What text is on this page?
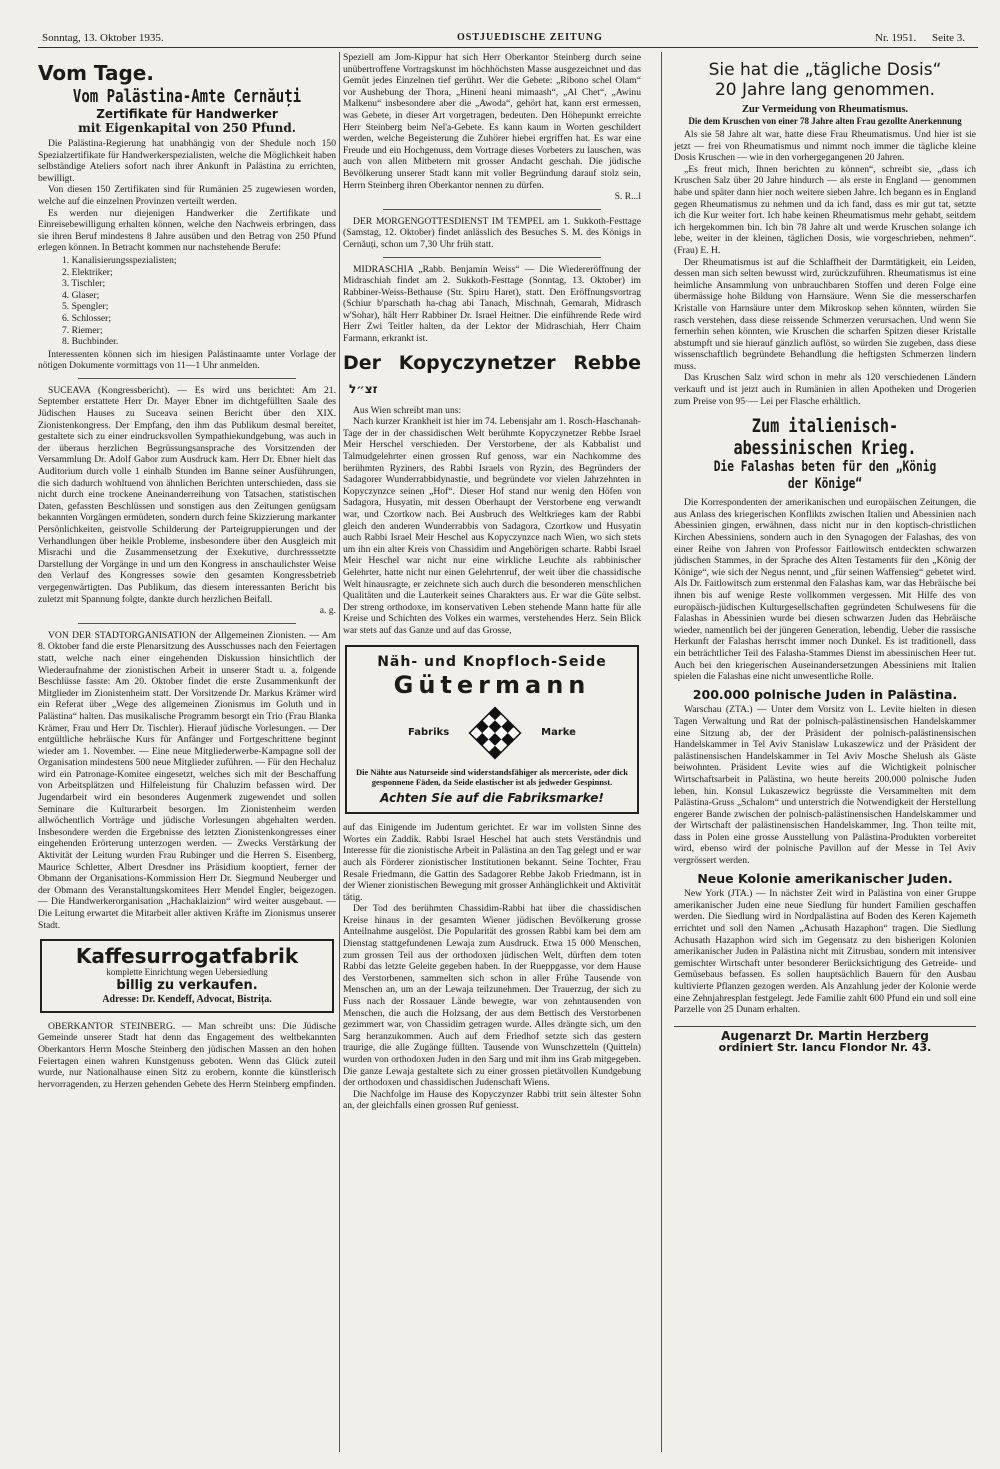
Sonntag, 13. Oktober 1935.	OSTJUEDISCHE ZEITUNG	Nr. 1951. Seite 3.
Vom Tage.
Vom Palästina-Amte Cernăuți
Zertifikate für Handwerker
mit Eigenkapital von 250 Pfund.

Die Palästina-Regierung hat unabhängig von der Shedule noch 150 Spezialzertifikate für Handwerkerspezialisten, welche die Möglichkeit haben selbständige Ateliers sofort nach ihrer Ankunft in Palästina zu errichten, bewilligt.

Von diesen 150 Zertifikaten sind für Rumänien 25 zugewiesen worden, welche auf die einzelnen Provinzen verteilt werden.

Es werden nur diejenigen Handwerker die Zertifikate und Einreisebewilligung erhalten können, welche den Nachweis erbringen, dass sie ihren Beruf mindestens 8 Jahre ausüben und den Betrag von 250 Pfund erlegen können. In Betracht kommen nur nachstehende Berufe:

1. Kanalisierungsspezialisten;
2. Elektriker;
3. Tischler;
4. Glaser;
5. Spengler;
6. Schlosser;
7. Riemer;
8. Buchbinder.

Interessenten können sich im hiesigen Palästinaamte unter Vorlage der nötigen Dokumente vormittags von 11—1 Uhr anmelden.

SUCEAVA (Kongressbericht). — Es wird uns berichtet: Am 21. September erstattete Herr Dr. Mayer Ebner im dichtgefüllten Saale des Jüdischen Hauses zu Suceava seinen Bericht über den XIX. Zionistenkongress. Der Empfang, den ihm das Publikum desmal bereitet, gestaltete sich zu einer eindrucksvollen Sympathiekundgebung, was auch in der überaus herzlichen Begrüssungsansprache des Vorsitzenden der Versammlung Dr. Adolf Gabor zum Ausdruck kam. Herr Dr. Ebner hielt das Auditorium durch volle 1 einhalb Stunden im Banne seiner Ausführungen, die sich dadurch wohltuend von ähnlichen Berichten unterschieden, dass sie nicht durch eine trockene Aneinanderreihung von Tatsachen, statistischen Daten, gefassten Beschlüssen und sonstigen aus den Zeitungen genügsam bekannten Vorgängen ermüdeten, sondern durch feine Skizzierung markanter Persönlichkeiten, geistvolle Schilderung der Parteigruppierungen und der Verhandlungen über heikle Probleme, insbesondere über den Ausgleich mit Misrachi und die Zusammensetzung der Exekutive, durchresssetzte Darstellung der Vorgänge in und um den Kongress in anschaulichster Weise den Verlauf des Kongresses sowie den gesamten Kongressbetrieb vergegenwärtigten. Das Publikum, das diesem interessanten Bericht bis zuletzt mit Spannung folgte, dankte durch herzlichen Beifall.

a. g.

VON DER STADTORGANISATION der Allgemeinen Zionisten. — Am 8. Oktober fand die erste Plenarsitzung des Ausschusses nach den Feiertagen statt, welche nach einer eingehenden Diskussion hinsichtlich der Wiederaufnahme der zionistischen Arbeit in unserer Stadt u. a. folgende Beschlüsse fasste: Am 20. Oktober findet die erste Zusammenkunft der Mitglieder im Zionistenheim statt. Der Vorsitzende Dr. Markus Krämer wird ein Referat über „Wege des allgemeinen Zionismus im Goluth und in Palästina“ halten. Das musikalische Programm besorgt ein Trio (Frau Blanka Krämer, Frau und Herr Dr. Tischler). Hierauf jüdische Vorlesungen. — Der entgültliche hebräische Kurs für Anfänger und Fortgeschrittene beginnt wieder am 1. November. — Eine neue Mitgliederwerbe-Kampagne soll der Organisation mindestens 500 neue Mitglieder zuführen. — Für den Hechaluz wird ein Patronage-Komitee eingesetzt, welches sich mit der Beschaffung von Arbeitsplätzen und Hilfeleistung für Chaluzim befassen wird. Der Jugendarbeit wird ein besonderes Augenmerk zugewendet und sollen Seminare die Kulturarbeit besorgen. Im Zionistenheim werden allwöchentlich Vorträge und jüdische Vorlesungen abgehalten werden. Insbesondere werden die Ergebnisse des letzten Zionistenkongresses einer eingehenden Erörterung unterzogen werden. — Zwecks Verstärkung der Aktivität der Leitung wurden Frau Rubinger und die Herren S. Eisenberg, Maurice Schletter, Albert Dresdner ins Präsidium kooptiert, ferner der Obmann der Organisations-Kommission Herr Dr. Siegmund Neuberger und der Obmann des Veranstaltungskomitees Herr Mendel Engler, beigezogen. — Die Handwerkerorganisation „Hachaklaizion“ wird weiter ausgebaut. — Die Leitung erwartet die Mitarbeit aller aktiven Kräfte im Zionismus unserer Stadt.

Kaffesurrogatfabrik
komplette Einrichtung wegen Uebersiedlung
billig zu verkaufen.
Adresse: Dr. Kendeff, Advocat, Bistrița.

OBERKANTOR STEINBERG. — Man schreibt uns: Die Jüdische Gemeinde unserer Stadt hat denn das Engagement des weltbekannten Oberkantors Herrn Mosche Steinberg den jüdischen Massen an den hohen Feiertagen einen wahren Kunstgenuss geboten. Wenn das Glück zuteil wurde, nur Nationalhause einen Sitz zu erobern, konnte die künstlerisch hervorragenden, zu Herzen gehenden Gebete des Herrn Steinberg empfinden.

Speziell am Jom-Kippur hat sich Herr Oberkantor Steinberg durch seine unübertroffene Vortragskunst im höchhöchsten Masse ausgezeichnet und das Gemüt jedes Einzelnen tief gerührt. Wer die Gebete: „Ribono schel Olam“ vor Aushebung der Thora, „Hineni heani mimaash“, „Al Chet“, „Awinu Malkenu“ insbesondere aber die „Awoda“, gehört hat, kann erst ermessen, was Gebete, in dieser Art vorgetragen, bedeuten. Den Höhepunkt erreichte Herr Steinberg beim Nel'a-Gebete. Es kann kaum in Worten geschildert werden, welche Begeisterung die Zuhörer hiebei ergriffen hat. Es war eine Freude und ein Hochgenuss, dem Vortrage dieses Vorbeters zu lauschen, was auch von allen Mitbetern mit grosser Andacht geschah. Die jüdische Bevölkerung unserer Stadt kann mit voller Begründung darauf stolz sein, Herrn Steinberg ihren Oberkantor nennen zu dürfen.

S. R...l

DER MORGENGOTTESDIENST IM TEMPEL am 1. Sukkoth-Festtage (Samstag, 12. Oktober) findet anlässlich des Besuches S. M. des Königs in Cernăuți, schon um 7,30 Uhr früh statt.

MIDRASCHIA „Rabb. Benjamin Weiss“ — Die Wiedereröffnung der Midraschiah findet am 2. Sukkoth-Festtage (Sonntag, 13. Oktober) im Rabbiner-Weiss-Bethause (Str. Spiru Haret), statt. Den Eröffnungsvortrag (Schiur b'parschath ha-chag abi Tanach, Mischnah, Gemarah, Midrasch w'Sohar), hält Herr Rabbiner Dr. Israel Heitner. Die einführende Rede wird Herr Zwi Teitler halten, da der Lektor der Midraschiah, Herr Chaim Farmann, erkrankt ist.

Der Kopyczynetzer Rebbe זצ״ל

Aus Wien schreibt man uns:

Nach kurzer Krankheit ist hier im 74. Lebensjahr am 1. Rosch-Haschanah-Tage der in der chassidischen Welt berühmte Kopyczynetzer Rebbe Israel Meir Herschel verschieden. Der Verstorbene, der als Kabbalist und Talmudgelehrter einen grossen Ruf genoss, war ein Nachkomme des berühmten Ryziners, des Rabbi Israels von Ryzin, des Begründers der Sadagorer Wunderrabbidynastie, und begründete vor vielen Jahrzehnten in Kopyczynzce seinen „Hof“. Dieser Hof stand nur wenig den Höfen von Sadagora, Husyatin, mit dessen Oberhaupt der Verstorbene eng verwandt war, und Czortkow nach. Bei Ausbruch des Weltkrieges kam der Rabbi gleich den anderen Wunderrabbis von Sadagora, Czortkow und Husyatin auch Rabbi Israel Meir Heschel aus Kopyczynzce nach Wien, wo sich stets um ihn ein alter Kreis von Chassidim und Angehörigen scharte. Rabbi Israel Meir Heschel war nicht nur eine wirkliche Leuchte als rabbinischer Gelehrter, hatte nicht nur einen Gelehrtenruf, der weit über die chassidische Welt hinausragte, er zeichnete sich auch durch die besonderen menschlichen Qualitäten und die Lauterkeit seines Charakters aus. Er war die Güte selbst. Der streng orthodoxe, im konservativen Leben stehende Mann hatte für alle Kreise und Schichten des Volkes ein warmes, verstehendes Herz. Sein Blick war stets auf das Ganze und auf das Grosse,

Näh- und Knopfloch-Seide
Gütermann
Fabriks	Marke
Die Nähte aus Naturseide sind widerstandsfähiger als merceriste, oder dick gesponnene Fäden, da Seide elastischer ist als jedweder Gespinnst.
Achten Sie auf die Fabriksmarke!

auf das Einigende im Judentum gerichtet. Er war im vollsten Sinne des Wortes ein Zaddik. Rabbi Israel Heschel hat auch stets Verständnis und Interesse für die zionistische Arbeit in Palästina an den Tag gelegt und er war auch als Förderer zionistischer Institutionen bekannt. Seine Tochter, Frau Resale Friedmann, die Gattin des Sadagorer Rebbe Jakob Friedmann, ist in der Wiener zionistischen Bewegung mit grosser Anhänglichkeit und Aktivität tätig.

Der Tod des berühmten Chassidim-Rabbi hat über die chassidischen Kreise hinaus in der gesamten Wiener jüdischen Bevölkerung grosse Anteilnahme ausgelöst. Die Popularität des grossen Rabbi kam bei dem am Dienstag stattgefundenen Lewaja zum Ausdruck. Etwa 15 000 Menschen, zum grossen Teil aus der orthodoxen jüdischen Welt, dürften dem toten Rabbi das letzte Geleite gegeben haben. In der Rueppgasse, vor dem Hause des Verstorbenen, sammelten sich schon in aller Frühe Tausende von Menschen an, um an der Lewaja teilzunehmen. Der Trauerzug, der sich zu Fuss nach der Rossauer Lände bewegte, war von zehntausenden von Menschen, die auch die Holzsang, der aus dem Bettisch des Verstorbenen gezimmert war, von Chassidim getragen wurde. Alles drängte sich, um den Sarg heranzukommen. Auch auf dem Friedhof setzte sich das gestern traurige, die alle Zugänge füllten. Tausende von Wunschzetteln (Quitteln) wurden von orthodoxen Juden in den Sarg und mit ihm ins Grab mitgegeben. Die ganze Lewaja gestaltete sich zu einer grossen pietätvollen Kundgebung der orthodoxen und chassidischen Judenschaft Wiens.

Die Nachfolge im Hause des Kopyczynzer Rabbi tritt sein ältester Sohn an, der gleichfalls einen grossen Ruf geniesst.

Sie hat die „tägliche Dosis“
20 Jahre lang genommen.
Zur Vermeidung von Rheumatismus.
Die dem Kruschen von einer 78 Jahre alten Frau gezollte Anerkennung

Als sie 58 Jahre alt war, hatte diese Frau Rheumatismus. Und hier ist sie jetzt — frei von Rheumatismus und nimmt noch immer die tägliche kleine Dosis Kruschen — wie in den vorhergegangenen 20 Jahren.

„Es freut mich, Ihnen berichten zu können“, schreibt sie, „dass ich Kruschen Salz über 20 Jahre hindurch — als erste in England — genommen habe und später dann hier noch weitere sieben Jahre. Ich begann es in England gegen Rheumatismus zu nehmen und da ich fand, dass es mir gut tat, setzte ich die Kur weiter fort. Ich habe keinen Rheumatismus mehr gehabt, seitdem ich hergekommen bin. Ich bin 78 Jahre alt und werde Kruschen solange ich lebe, weiter in der kleinen, täglichen Dosis, wie vorgeschrieben, nehmen“. (Frau) E. H.

Der Rheumatismus ist auf die Schlaffheit der Darmtätigkeit, ein Leiden, dessen man sich selten bewusst wird, zurückzuführen. Rheumatismus ist eine heimliche Ansammlung von unbrauchbaren Stoffen und deren Folge eine übermässige hohe Bildung von Harnsäure. Wenn Sie die messerscharfen Kristalle von Harnsäure unter dem Mikroskop sehen könnten, würden Sie rasch verstehen, dass diese reissende Schmerzen verursachen. Und wenn Sie fernerhin sehen könnten, wie Kruschen die scharfen Spitzen dieser Kristalle abstumpft und sie hierauf gänzlich auflöst, so würden Sie zugeben, dass diese wissenschaftlich begründete Behandlung die heftigsten Schmerzen lindern muss.

Das Kruschen Salz wird schon in mehr als 120 verschiedenen Ländern verkauft und ist jetzt auch in Rumänien in allen Apotheken und Drogerien zum Preise von 95·— Lei per Flasche erhältlich.

Zum italienisch-abessinischen Krieg.
Die Falashas beten für den „König der Könige“

Die Korrespondenten der amerikanischen und europäischen Zeitungen, die aus Anlass des kriegerischen Konflikts zwischen Italien und Abessinien nach Abessinien gingen, erwähnen, dass nicht nur in den koptisch-christlichen Kirchen Abessiniens, sondern auch in den Synagogen der Falashas, des von einer Reihe von Jahren von Professor Faitlowitsch entdeckten schwarzen jüdischen Stammes, in der Sprache des Alten Testaments für den „König der Könige“, wie sich der Negus nennt, und „für seinen Waffensieg“ gebetet wird. Als Dr. Faitlowitsch zum erstenmal den Falashas kam, war das Hebräische bei ihnen bis auf wenige Reste vollkommen vergessen. Mit Hilfe des von europäisch-jüdischen Kulturgesellschaften gegründeten Schulwesens für die Falashas in Abessinien wurde bei diesen schwarzen Juden das Hebräische wieder, namentlich bei der jüngeren Generation, lebendig. Ueber die rassische Herkunft der Falashas herrscht immer noch Dunkel. Es ist traditionell, dass ein beträchtlicher Teil des Falasha-Stammes Dienst im abessinischen Heer tut. Auch bei den kriegerischen Auseinandersetzungen Abessiniens mit Italien spielen die Falashas eine nicht unwesentliche Rolle.

200.000 polnische Juden in Palästina.

Warschau (ZTA.) — Unter dem Vorsitz von L. Levite hielten in diesen Tagen Verwaltung und Rat der polnisch-palästinensischen Handelskammer eine Sitzung ab, der der Präsident der polnisch-palästinensischen Handelskammer in Tel Aviv Stanislaw Lukaszewicz und der Präsident der palästinensischen Handelskammer in Tel Aviv Mosche Shelush als Gäste beiwohnten. Präsident Levite wies auf die Wichtigkeit polnischer Wirtschaftsarbeit in Palästina, wo heute bereits 200.000 polnische Juden leben, hin. Konsul Lukaszewicz begrüsste die Versammelten mit dem Palästina-Gruss „Schalom“ und unterstrich die Notwendigkeit der Herstellung engerer Bande zwischen der polnisch-palästinensischen Handelskammer und der Wirtschaft der palästinensischen Handelskammer, Ing. Thon teilte mit, dass in Polen eine grosse Ausstellung von Palästina-Produkten vorbereitet wird, ebenso wird der polnische Pavillon auf der Messe in Tel Aviv vergrössert werden.

Neue Kolonie amerikanischer Juden.

New York (JTA.) — In nächster Zeit wird in Palästina von einer Gruppe amerikanischer Juden eine neue Siedlung für hundert Familien geschaffen werden. Die Siedlung wird in Nordpalästina auf Boden des Keren Kajemeth errichtet und soll den Namen „Achusath Hazaphon“ tragen. Die Siedlung Achusath Hazaphon wird sich im Gegensatz zu den bisherigen Kolonien amerikanischer Juden in Palästina nicht mit Zitrusbau, sondern mit intensiver gemischter Wirtschaft unter besonderer Berücksichtigung des Getreide- und Gemüsebaus befassen. Es sollen hauptsächlich Bauern für den Ausbau kultivierte Pflanzen gezogen werden. Als Anzahlung jeder der Kolonie werde eine Zehnjahresplan festgelegt. Jede Familie zahlt 600 Pfund ein und soll eine Parzelle von 25 Dunam erhalten.

Augenarzt Dr. Martin Herzberg
ordiniert Str. Iancu Flondor Nr. 43.
